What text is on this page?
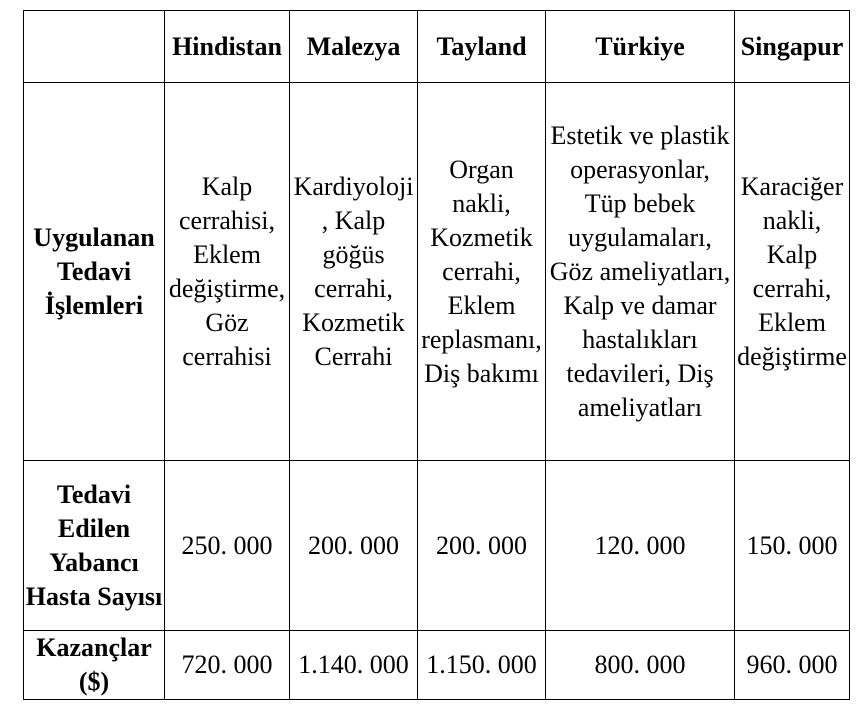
	Hindistan	Malezya	Tayland	Türkiye	Singapur
Uygulanan Tedavi İşlemleri	Kalp cerrahisi, Eklem değiştirme, Göz cerrahisi	Kardiyoloji, Kalp göğüs cerrahi, Kozmetik Cerrahi	Organ nakli, Kozmetik cerrahi, Eklem replasmanı, Diş bakımı	Estetik ve plastik operasyonlar, Tüp bebek uygulamaları, Göz ameliyatları, Kalp ve damar hastalıkları tedavileri, Diş ameliyatları	Karaciğer nakli, Kalp cerrahi, Eklem değiştirme
Tedavi Edilen Yabancı Hasta Sayısı	250. 000	200. 000	200. 000	120. 000	150. 000
Kazançlar ($)	720. 000	1.140. 000	1.150. 000	800. 000	960. 000
